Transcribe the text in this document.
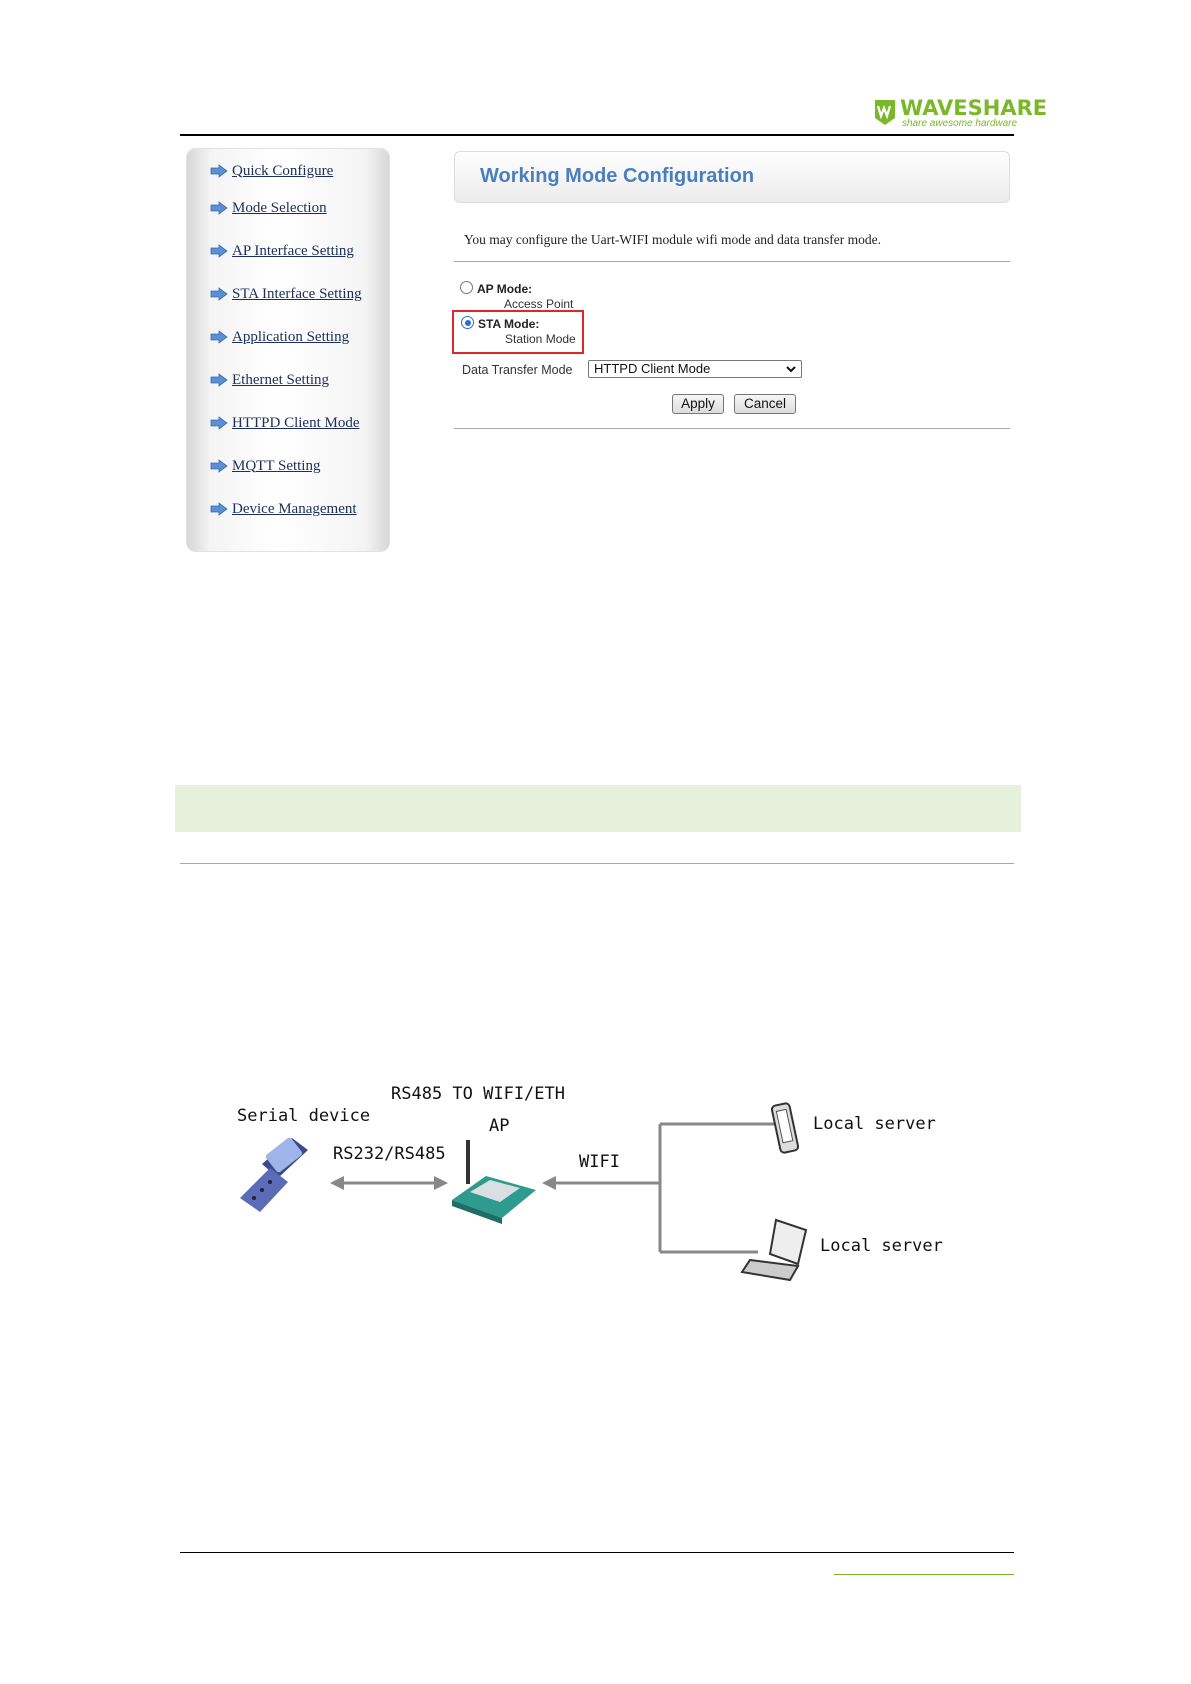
WAVESHARE
share awesome hardware
Quick Configure
Mode Selection
AP Interface Setting
STA Interface Setting
Application Setting
Ethernet Setting
HTTPD Client Mode
MQTT Setting
Device Management
Working Mode Configuration
You may configure the Uart-WIFI module wifi mode and data transfer mode.
AP Mode:
Access Point
STA Mode:
Station Mode
Data Transfer Mode	HTTPD Client Mode
Apply	Cancel
Serial device
RS485 TO WIFI/ETH
AP
RS232/RS485	WIFI
Local server
Local server
